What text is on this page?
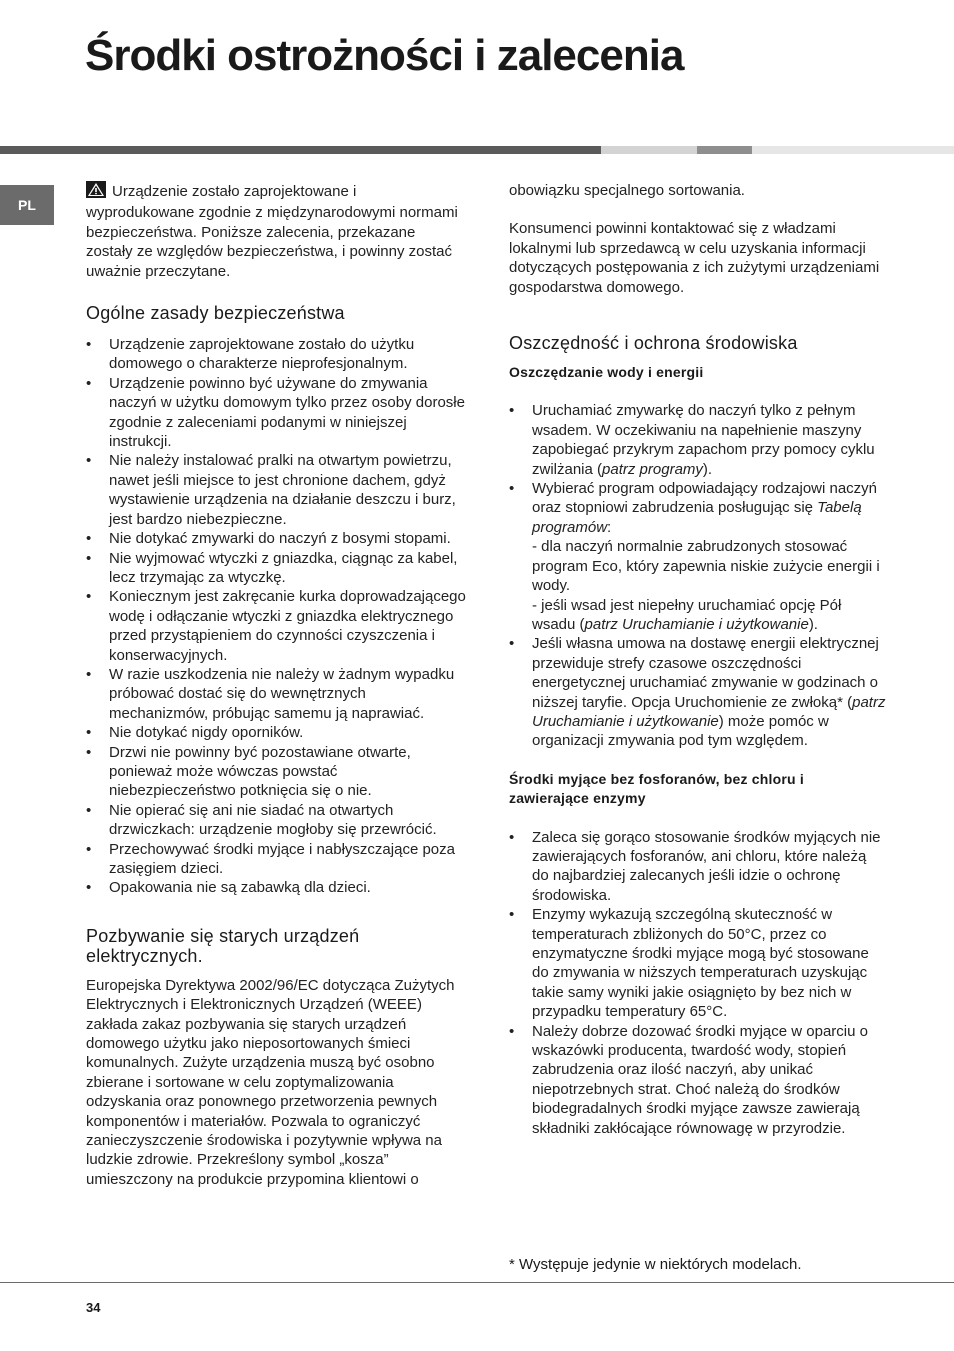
Środki ostrożności i zalecenia
PL

Urządzenie zostało zaprojektowane i wyprodukowane zgodnie z międzynarodowymi normami bezpieczeństwa. Poniższe zalecenia, przekazane zostały ze względów bezpieczeństwa, i powinny zostać uważnie przeczytane.

Ogólne zasady bezpieczeństwa
• Urządzenie zaprojektowane zostało do użytku domowego o charakterze nieprofesjonalnym.
• Urządzenie powinno być używane do zmywania naczyń w użytku domowym tylko przez osoby dorosłe zgodnie z zaleceniami podanymi w niniejszej instrukcji.
• Nie należy instalować pralki na otwartym powietrzu, nawet jeśli miejsce to jest chronione dachem, gdyż wystawienie urządzenia na działanie deszczu i burz, jest bardzo niebezpieczne.
• Nie dotykać zmywarki do naczyń z bosymi stopami.
• Nie wyjmować wtyczki z gniazdka, ciągnąc za kabel, lecz trzymając za wtyczkę.
• Koniecznym jest zakręcanie kurka doprowadzającego wodę i odłączanie wtyczki z gniazdka elektrycznego przed przystąpieniem do czynności czyszczenia i konserwacyjnych.
• W razie uszkodzenia nie należy w żadnym wypadku próbować dostać się do wewnętrznych mechanizmów, próbując samemu ją naprawiać.
• Nie dotykać nigdy oporników.
• Drzwi nie powinny być pozostawiane otwarte, ponieważ może wówczas powstać niebezpieczeństwo potknięcia się o nie.
• Nie opierać się ani nie siadać na otwartych drzwiczkach: urządzenie mogłoby się przewrócić.
• Przechowywać środki myjące i nabłyszczające poza zasięgiem dzieci.
• Opakowania nie są zabawką dla dzieci.
Pozbywanie się starych urządzeń elektrycznych.

Europejska Dyrektywa 2002/96/EC dotycząca Zużytych Elektrycznych i Elektronicznych Urządzeń (WEEE) zakłada zakaz pozbywania się starych urządzeń domowego użytku jako nieposortowanych śmieci komunalnych. Zużyte urządzenia muszą być osobno zbierane i sortowane w celu zoptymalizowania odzyskania oraz ponownego przetworzenia pewnych komponentów i materiałów. Pozwala to ograniczyć zanieczyszczenie środowiska i pozytywnie wpływa na ludzkie zdrowie. Przekreślony symbol „kosza” umieszczony na produkcie przypomina klientowi o

obowiązku specjalnego sortowania.

Konsumenci powinni kontaktować się z władzami lokalnymi lub sprzedawcą w celu uzyskania informacji dotyczących postępowania z ich zużytymi urządzeniami gospodarstwa domowego.

Oszczędność i ochrona środowiska
Oszczędzanie wody i energii
• Uruchamiać zmywarkę do naczyń tylko z pełnym wsadem. W oczekiwaniu na napełnienie maszyny zapobiegać przykrym zapachom przy pomocy cyklu zwilżania (patrz programy).
• Wybierać program odpowiadający rodzajowi naczyń oraz stopniowi zabrudzenia posługując się Tabelą programów:
- dla naczyń normalnie zabrudzonych stosować program Eco, który zapewnia niskie zużycie energii i wody.
- jeśli wsad jest niepełny uruchamiać opcję Pół wsadu (patrz Uruchamianie i użytkowanie).
• Jeśli własna umowa na dostawę energii elektrycznej przewiduje strefy czasowe oszczędności energetycznej uruchamiać zmywanie w godzinach o niższej taryfie. Opcja Uruchomienie ze zwłoką* (patrz Uruchamianie i użytkowanie) może pomóc w organizacji zmywania pod tym względem.
Środki myjące bez fosforanów, bez chloru i zawierające enzymy
• Zaleca się gorąco stosowanie środków myjących nie zawierających fosforanów, ani chloru, które należą do najbardziej zalecanych jeśli idzie o ochronę środowiska.
• Enzymy wykazują szczególną skuteczność w temperaturach zbliżonych do 50°C, przez co enzymatyczne środki myjące mogą być stosowane do zmywania w niższych temperaturach uzyskując takie samy wyniki jakie osiągnięto by bez nich w przypadku temperatury 65°C.
• Należy dobrze dozować środki myjące w oparciu o wskazówki producenta, twardość wody, stopień zabrudzenia oraz ilość naczyń, aby unikać niepotrzebnych strat. Choć należą do środków biodegradalnych środki myjące zawsze zawierają składniki zakłócające równowagę w przyrodzie.

* Występuje jedynie w niektórych modelach.

34
